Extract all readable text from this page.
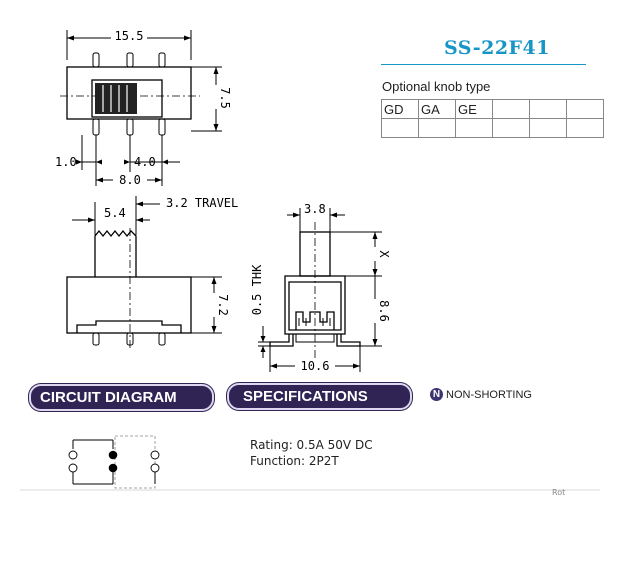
15.5
7.5
1.0	4.0
8.0
5.4
3.2 TRAVEL
7.2
3.8
X
8.6
0.5 THK
10.6
SS-22F41
Optional knob type
GD	GA	GE			

CIRCUIT DIAGRAM	SPECIFICATIONS	N NON-SHORTING
Rating: 0.5A 50V DC
Function: 2P2T
Rot
